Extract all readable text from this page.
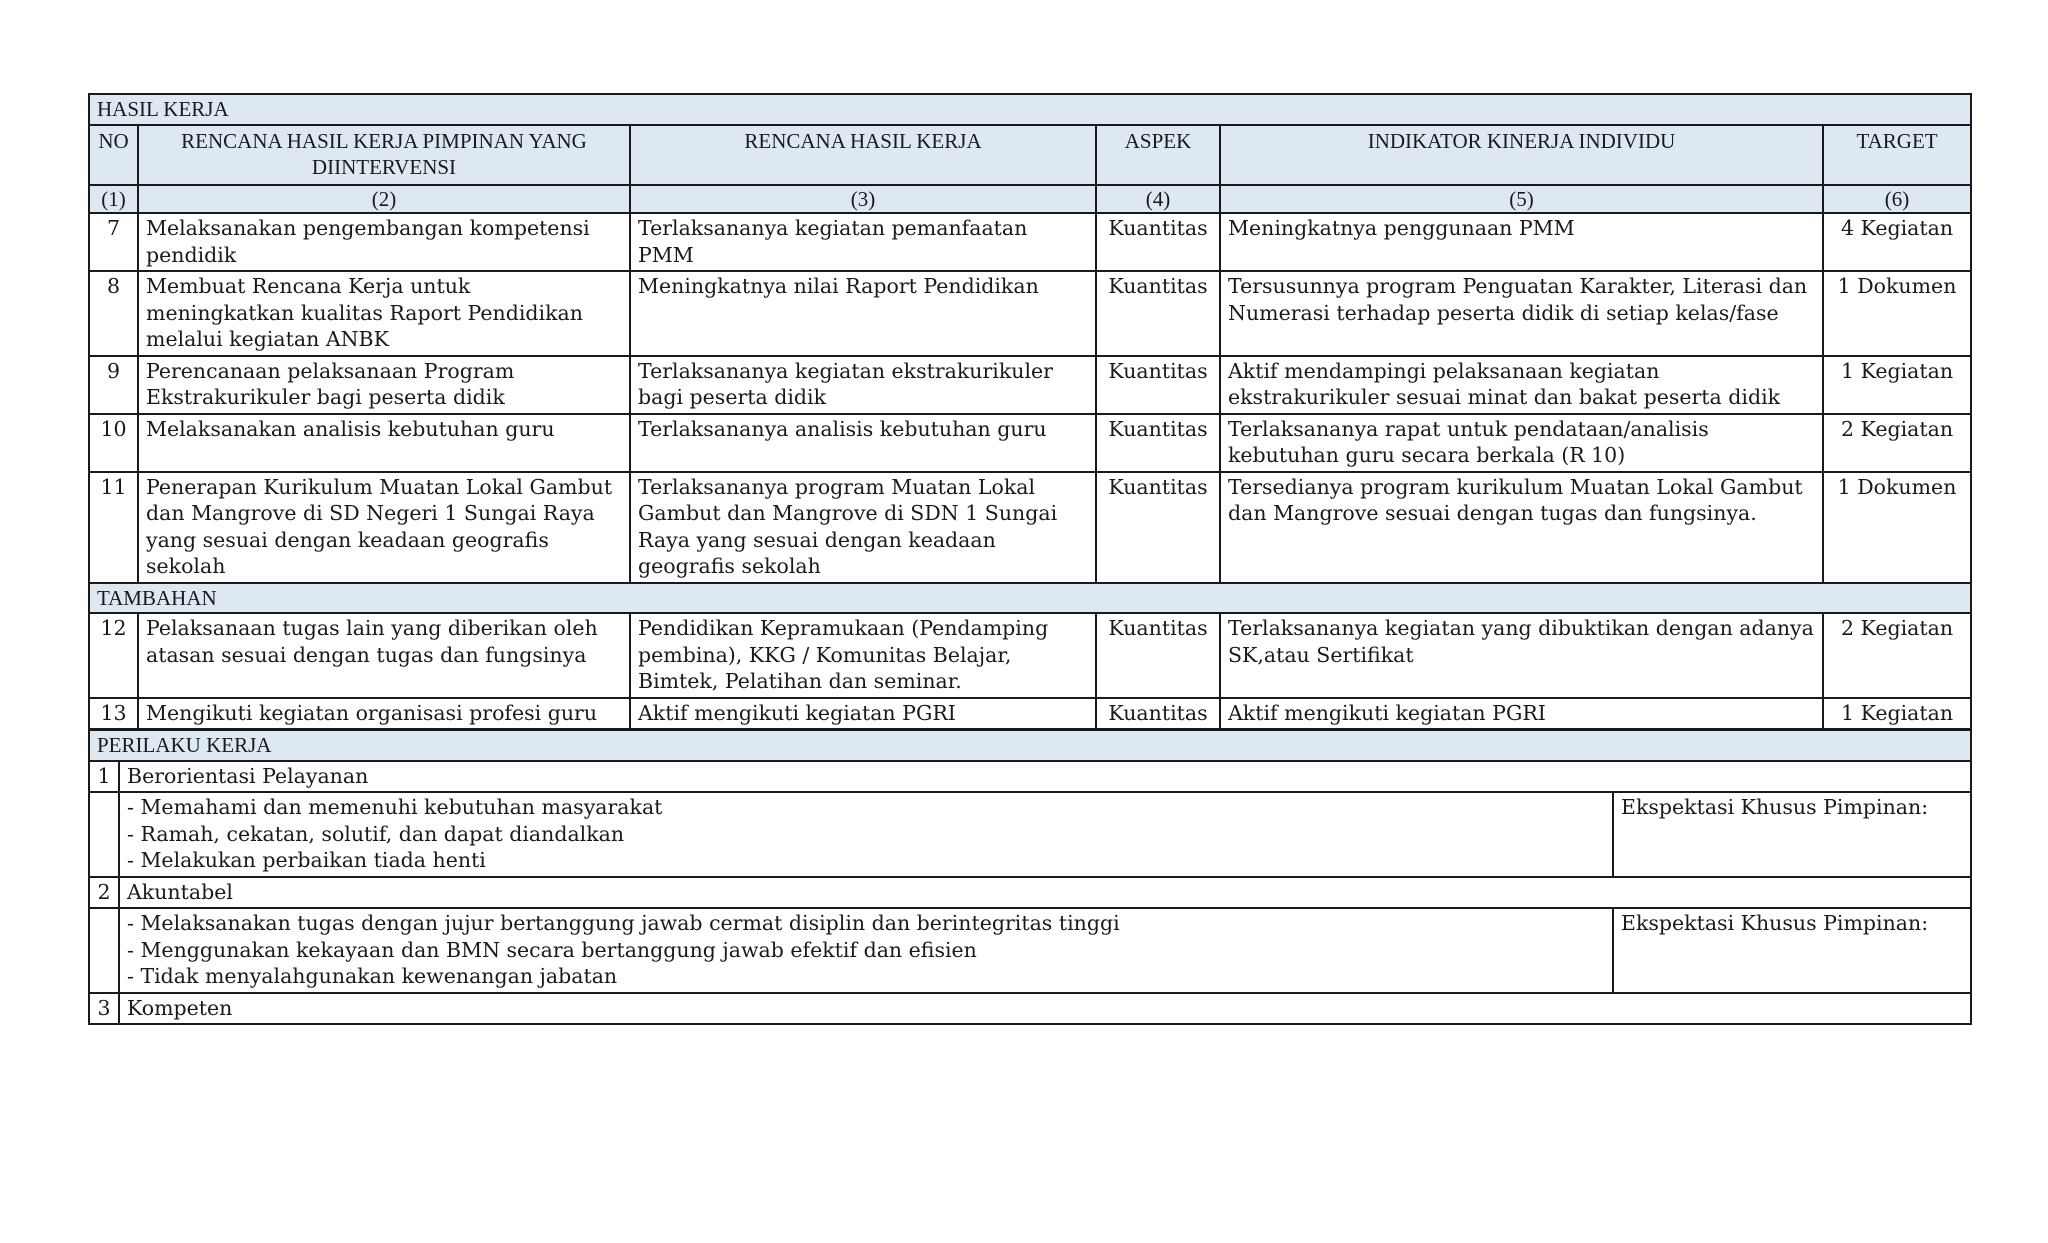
HASIL KERJA					
NO	RENCANA HASIL KERJA PIMPINAN YANG DIINTERVENSI	RENCANA HASIL KERJA	ASPEK	INDIKATOR KINERJA INDIVIDU	TARGET
(1)	(2)	(3)	(4)	(5)	(6)
7	Melaksanakan pengembangan kompetensi pendidik	Terlaksananya kegiatan pemanfaatan PMM	Kuantitas	Meningkatnya penggunaan PMM	4 Kegiatan
8	Membuat Rencana Kerja untuk meningkatkan kualitas Raport Pendidikan melalui kegiatan ANBK	Meningkatnya nilai Raport Pendidikan	Kuantitas	Tersusunnya program Penguatan Karakter, Literasi dan Numerasi terhadap peserta didik di setiap kelas/fase	1 Dokumen
9	Perencanaan pelaksanaan Program Ekstrakurikuler bagi peserta didik	Terlaksananya kegiatan ekstrakurikuler bagi peserta didik	Kuantitas	Aktif mendampingi pelaksanaan kegiatan ekstrakurikuler sesuai minat dan bakat peserta didik	1 Kegiatan
10	Melaksanakan analisis kebutuhan guru	Terlaksananya analisis kebutuhan guru	Kuantitas	Terlaksananya rapat untuk pendataan/analisis kebutuhan guru secara berkala (R 10)	2 Kegiatan
11	Penerapan Kurikulum Muatan Lokal Gambut dan Mangrove di SD Negeri 1 Sungai Raya yang sesuai dengan keadaan geografis sekolah	Terlaksananya program Muatan Lokal Gambut dan Mangrove di SDN 1 Sungai Raya yang sesuai dengan keadaan geografis sekolah	Kuantitas	Tersedianya program kurikulum Muatan Lokal Gambut dan Mangrove sesuai dengan tugas dan fungsinya.	1 Dokumen
TAMBAHAN					
12	Pelaksanaan tugas lain yang diberikan oleh atasan sesuai dengan tugas dan fungsinya	Pendidikan Kepramukaan (Pendamping pembina), KKG / Komunitas Belajar, Bimtek, Pelatihan dan seminar.	Kuantitas	Terlaksananya kegiatan yang dibuktikan dengan adanya SK,atau Sertifikat	2 Kegiatan
13	Mengikuti kegiatan organisasi profesi guru	Aktif mengikuti kegiatan PGRI	Kuantitas	Aktif mengikuti kegiatan PGRI	1 Kegiatan
PERILAKU KERJA		
1	Berorientasi Pelayanan	

	- Memahami dan memenuhi kebutuhan masyarakat
- Ramah, cekatan, solutif, dan dapat diandalkan
- Melakukan perbaikan tiada henti	Ekspektasi Khusus Pimpinan:
2	Akuntabel	

	- Melaksanakan tugas dengan jujur bertanggung jawab cermat disiplin dan berintegritas tinggi
- Menggunakan kekayaan dan BMN secara bertanggung jawab efektif dan efisien
- Tidak menyalahgunakan kewenangan jabatan	Ekspektasi Khusus Pimpinan:
3	Kompeten	
